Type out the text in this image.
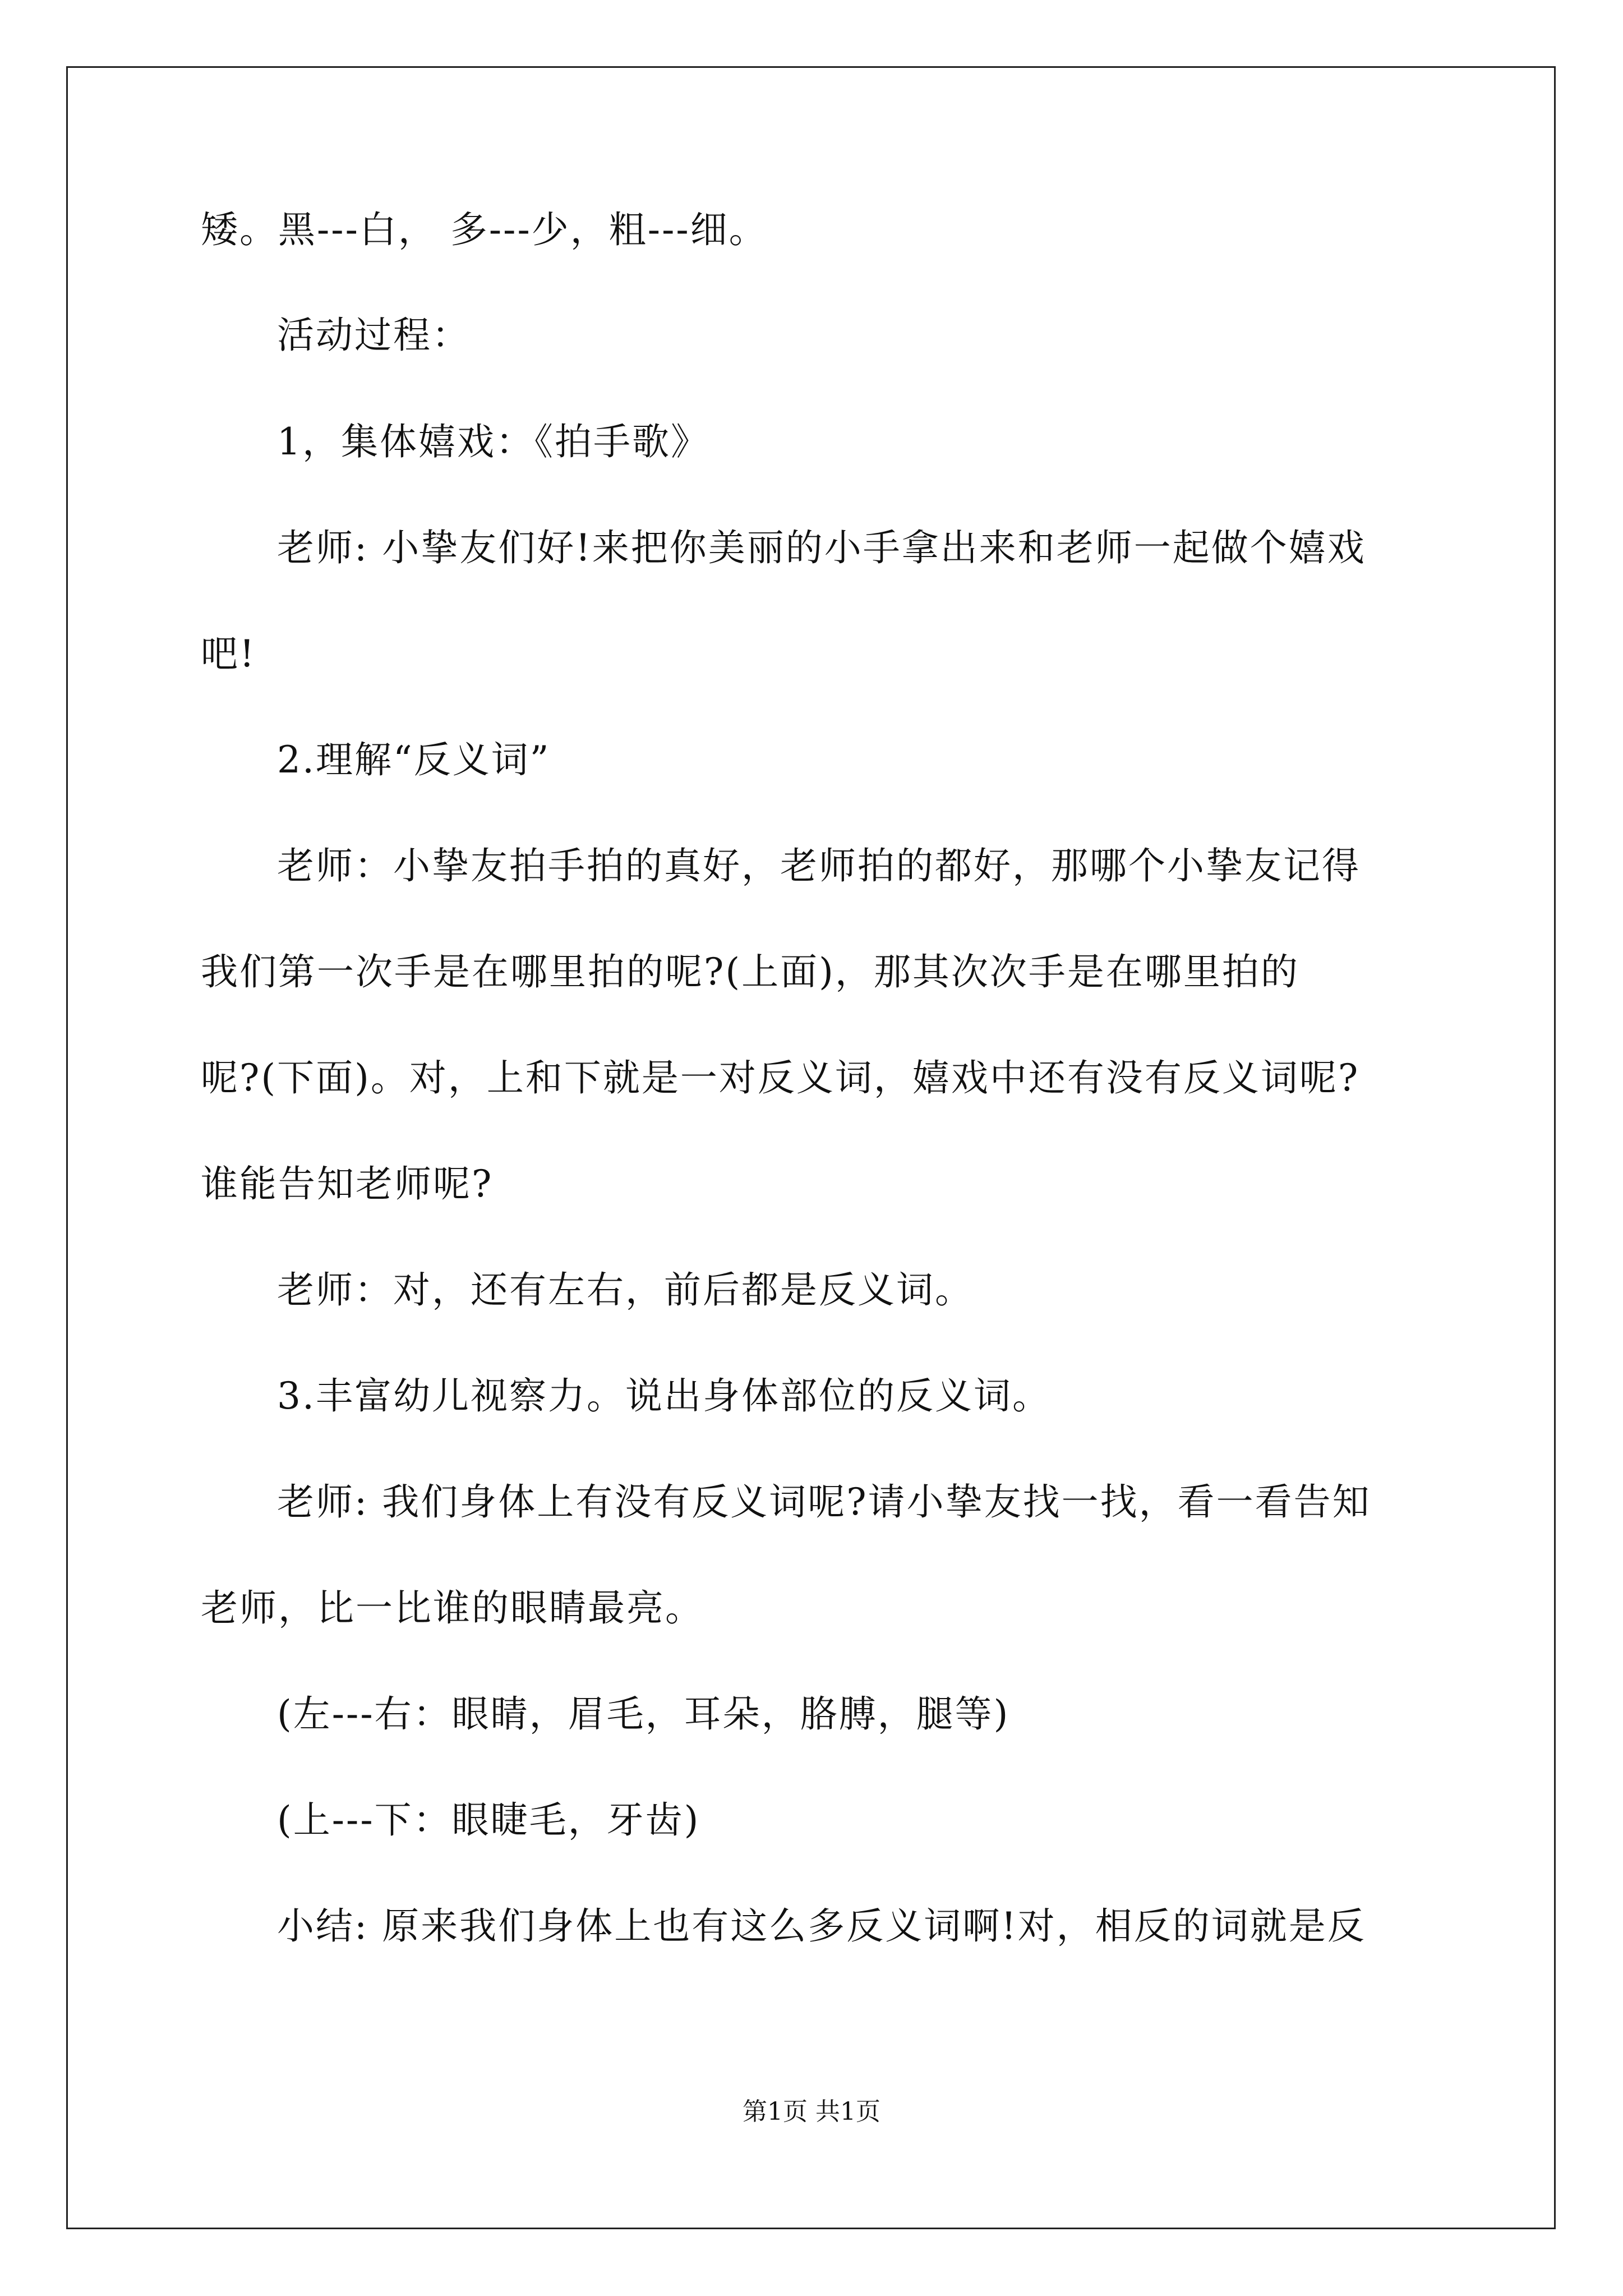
矮。黑---白， 多---少，粗---细。
活动过程：
1，集体嬉戏：《拍手歌》
老师: 小挚友们好!来把你美丽的小手拿出来和老师一起做个嬉戏
吧!
2.理解“反义词”
老师：小挚友拍手拍的真好，老师拍的都好，那哪个小挚友记得
我们第一次手是在哪里拍的呢?(上面)，那其次次手是在哪里拍的
呢?(下面)。对，上和下就是一对反义词，嬉戏中还有没有反义词呢?
谁能告知老师呢?
老师：对，还有左右，前后都是反义词。
3.丰富幼儿视察力。说出身体部位的反义词。
老师: 我们身体上有没有反义词呢?请小挚友找一找，看一看告知
老师，比一比谁的眼睛最亮。
(左---右：眼睛，眉毛，耳朵，胳膊，腿等)
(上---下：眼睫毛，牙齿)
小结: 原来我们身体上也有这么多反义词啊!对，相反的词就是反
第1页 共1页
